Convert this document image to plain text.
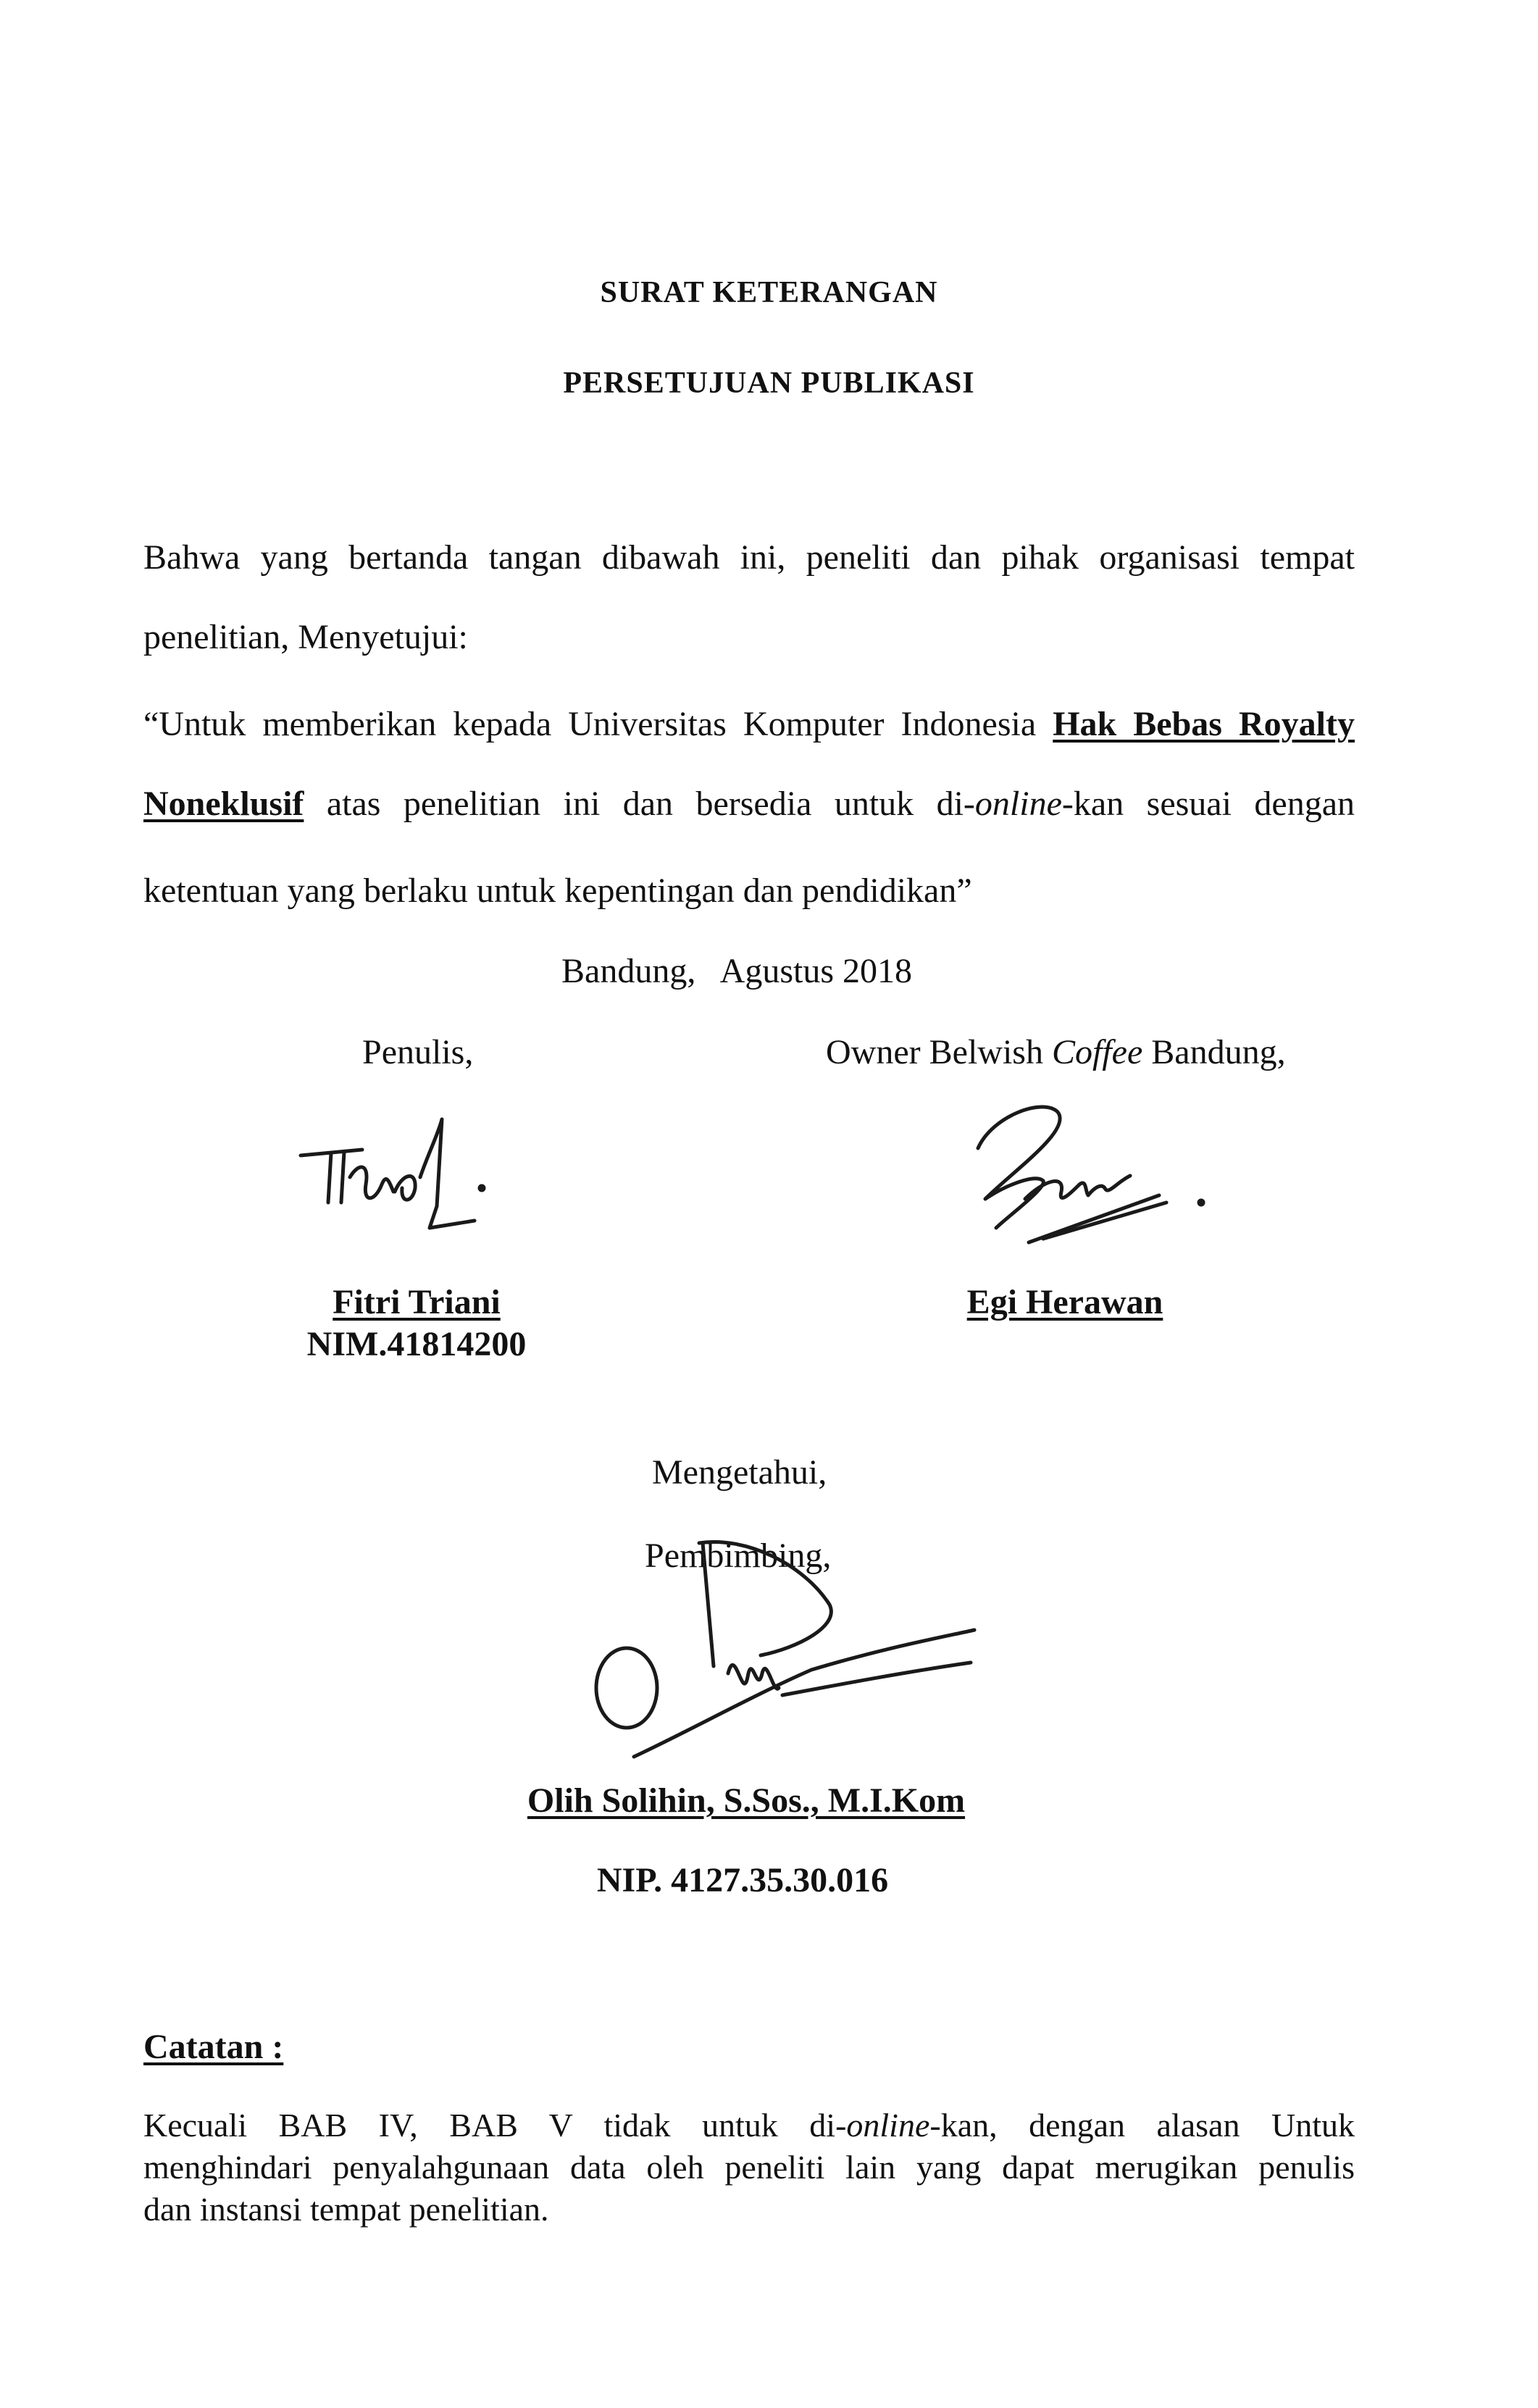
SURAT KETERANGAN
PERSETUJUAN PUBLIKASI
Bahwa yang bertanda tangan dibawah ini, peneliti dan pihak organisasi tempat
penelitian, Menyetujui:
“Untuk memberikan kepada Universitas Komputer Indonesia Hak Bebas Royalty
Noneklusif atas penelitian ini dan bersedia untuk di-online-kan sesuai dengan
ketentuan yang berlaku untuk kepentingan dan pendidikan”
Bandung,   Agustus 2018
Penulis,
Fitri Triani
NIM.41814200
Owner Belwish Coffee Bandung,
Egi Herawan
Mengetahui,
Pembimbing,
Olih Solihin, S.Sos., M.I.Kom
NIP. 4127.35.30.016
Catatan :
Kecuali BAB IV, BAB V tidak untuk di-online-kan, dengan alasan Untuk
menghindari penyalahgunaan data oleh peneliti lain yang dapat merugikan penulis
dan instansi tempat penelitian.
